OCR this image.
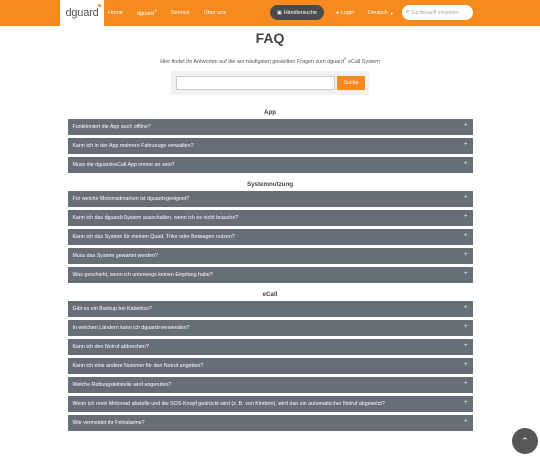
dguard Home	dguard®	Service	Über uns	▣ Händlersuche	● Login	Deutsch ▼ ⌕
Suchbegriff eingeben
FAQ
Hier findet ihr Antworten auf die am häufigsten gestellten Fragen zum dguard® eCall System
Suche
App
Funktioniert die App auch offline?	+
Kann ich in der App mehrere Fahrzeuge verwalten?	+
Muss die dguard ® eCall App immer an sein?	+
Systemnutzung
Für welche Motorradmarken ist dguard ® geeignet?	+
Kann ich das dguard ® System ausschalten, wenn ich es nicht brauche?	+
Kann ich das System für meinen Quad, Trike oder Beiwagen nutzen?	+
Muss das System gewartet werden?	+
Was geschieht, wenn ich unterwegs keinen Empfang habe?	+
eCall
Gibt es ein Backup bei Kabelriss?	+
In welchen Ländern kann ich dguard ® verwenden?	+
Kann ich den Notruf abbrechen?	+
Kann ich eine andere Nummer für den Notruf angeben?	+
Welche Rettungsleitstelle wird angerufen?	+
Wenn ich mein Motorrad abstelle und die SOS-Knopf gedrückt wird (z. B. von Kindern), wird dan ein automatischer Notruf abgesetzt?	+
Wie vermeidet ihr Fehlalarme?	+
⌃
